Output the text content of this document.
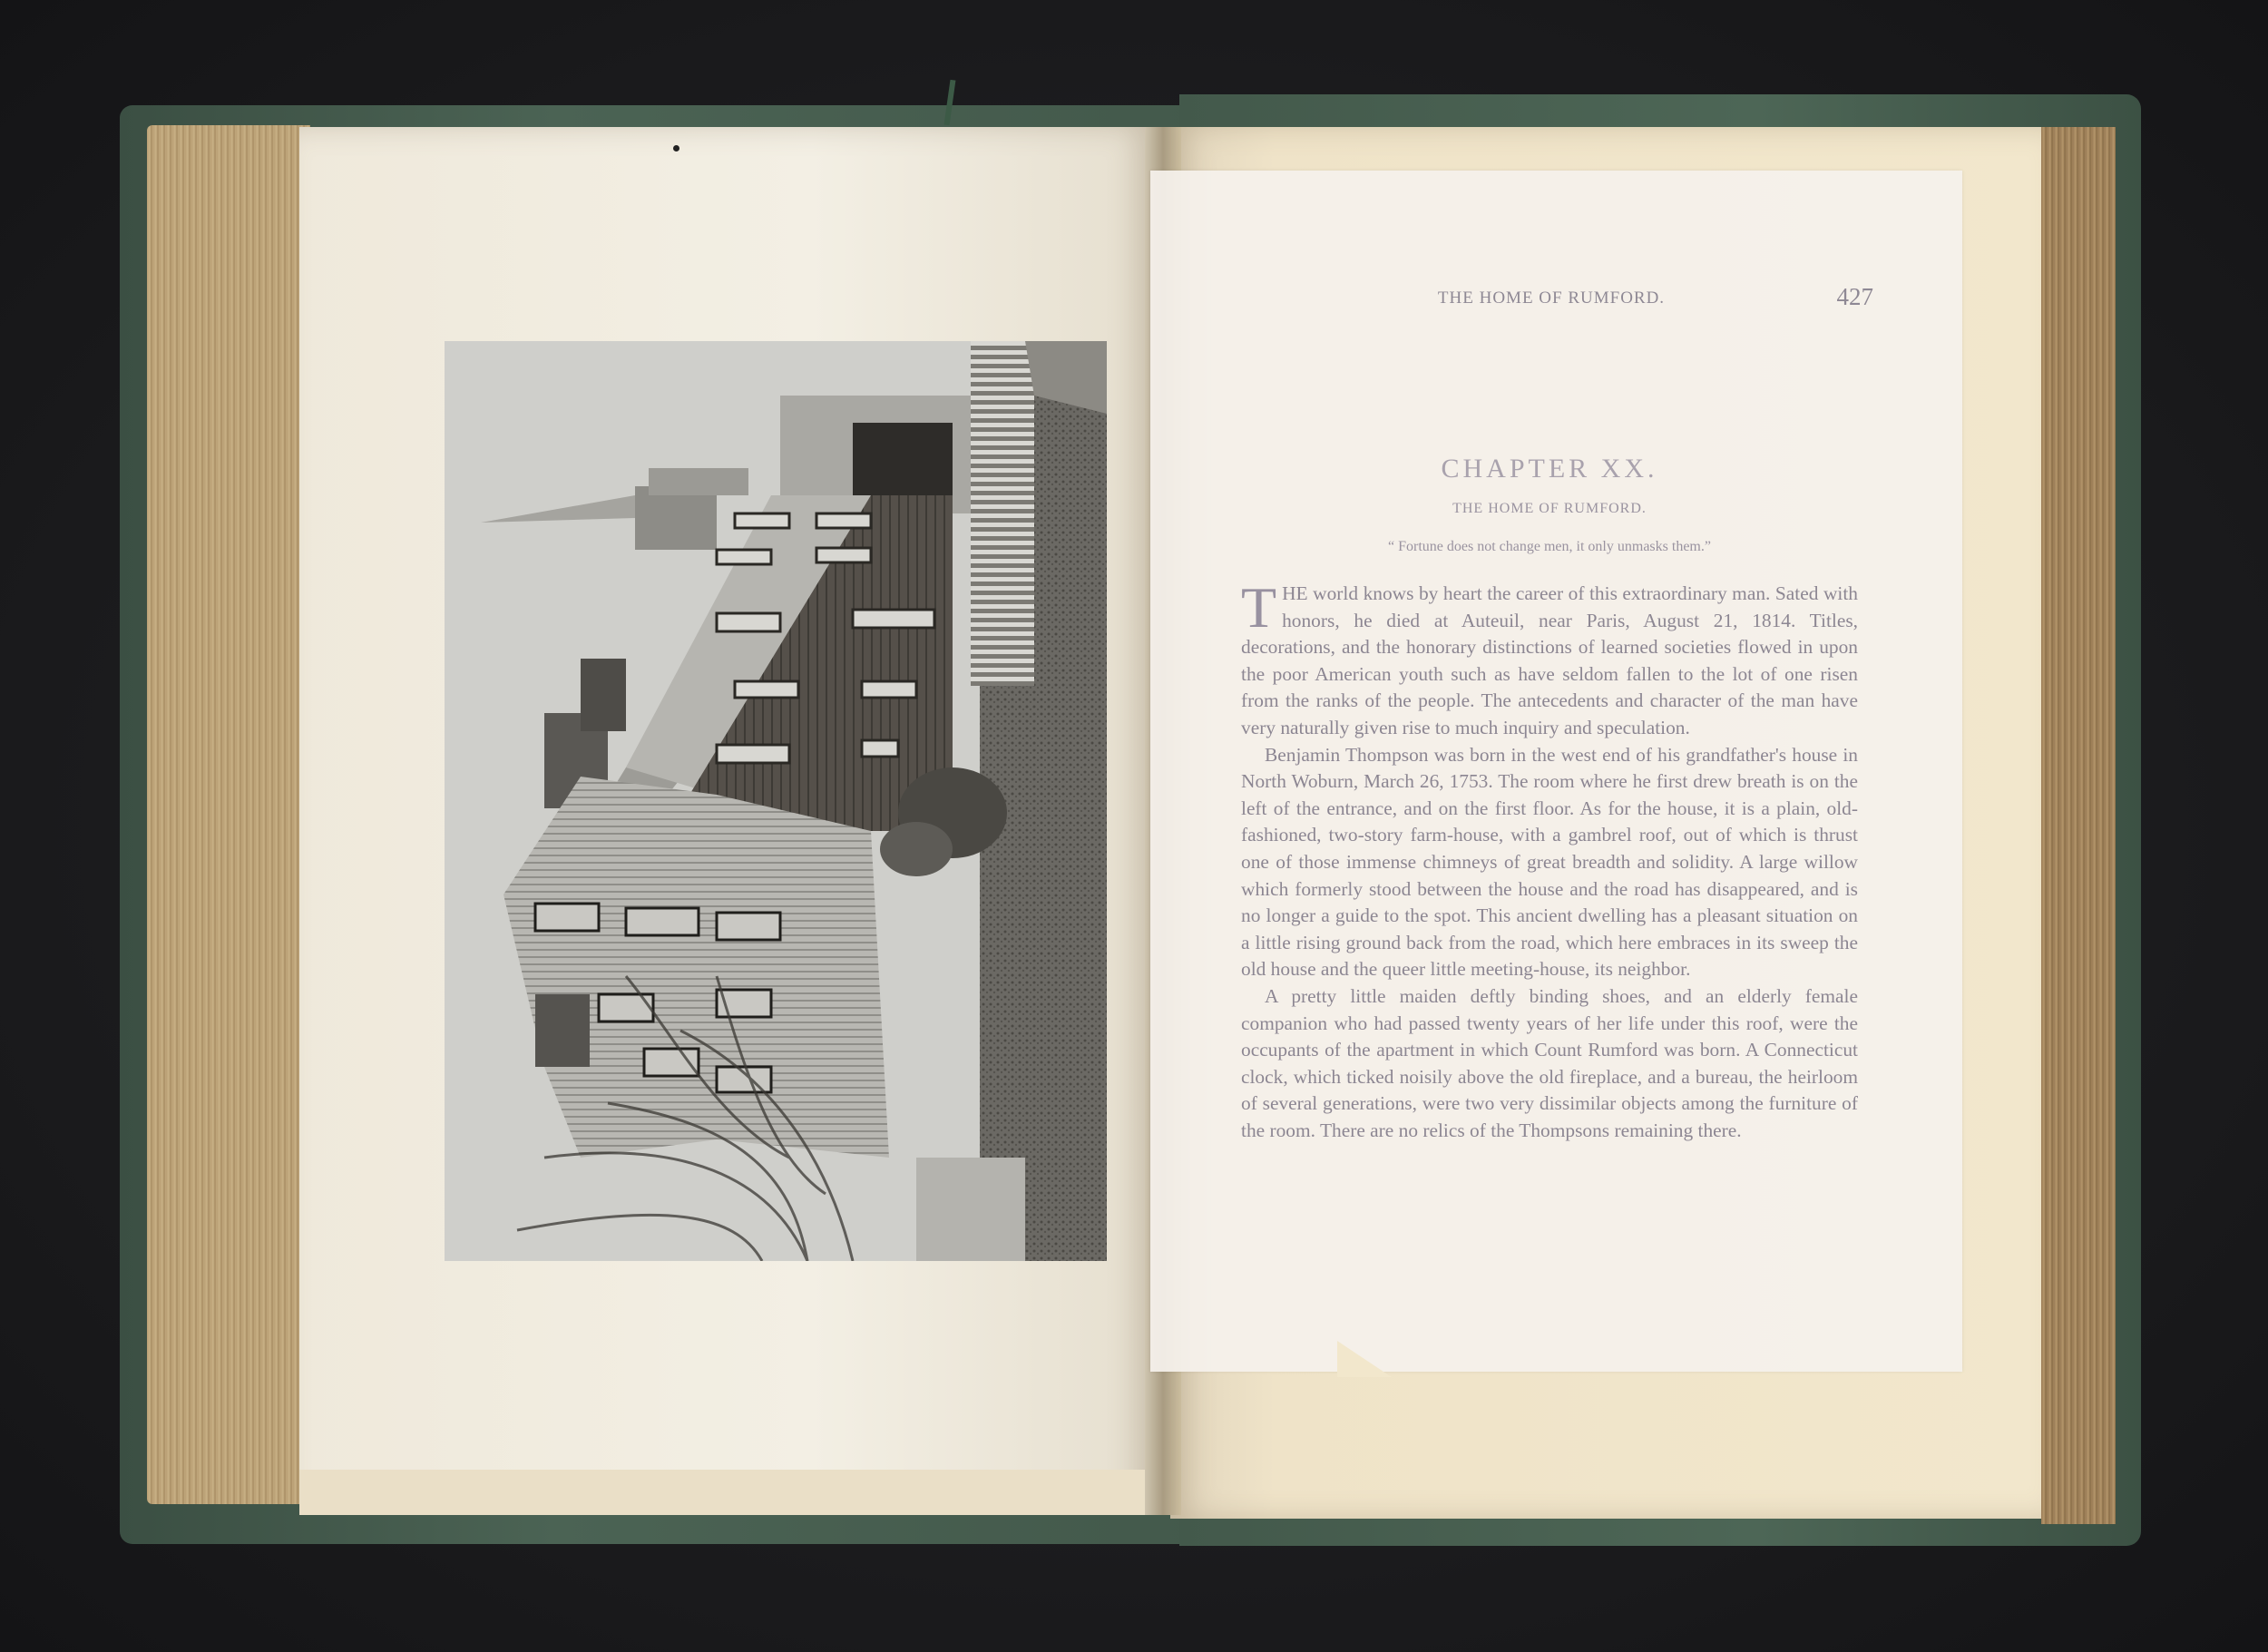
THE HOME OF RUMFORD.	427
CHAPTER XX.
THE HOME OF RUMFORD.
“ Fortune does not change men, it only unmasks them.”

THE world knows by heart the career of this extraordinary man. Sated with honors, he died at Auteuil, near Paris, August 21, 1814. Titles, decorations, and the honorary distinctions of learned societies flowed in upon the poor American youth such as have seldom fallen to the lot of one risen from the ranks of the people. The antecedents and character of the man have very naturally given rise to much inquiry and speculation.

Benjamin Thompson was born in the west end of his grandfather's house in North Woburn, March 26, 1753. The room where he first drew breath is on the left of the entrance, and on the first floor. As for the house, it is a plain, old-fashioned, two-story farm-house, with a gambrel roof, out of which is thrust one of those immense chimneys of great breadth and solidity. A large willow which formerly stood between the house and the road has disappeared, and is no longer a guide to the spot. This ancient dwelling has a pleasant situation on a little rising ground back from the road, which here embraces in its sweep the old house and the queer little meeting-house, its neighbor.

A pretty little maiden deftly binding shoes, and an elderly female companion who had passed twenty years of her life under this roof, were the occupants of the apartment in which Count Rumford was born. A Connecticut clock, which ticked noisily above the old fireplace, and a bureau, the heirloom of several generations, were two very dissimilar objects among the furniture of the room. There are no relics of the Thompsons remaining there.
